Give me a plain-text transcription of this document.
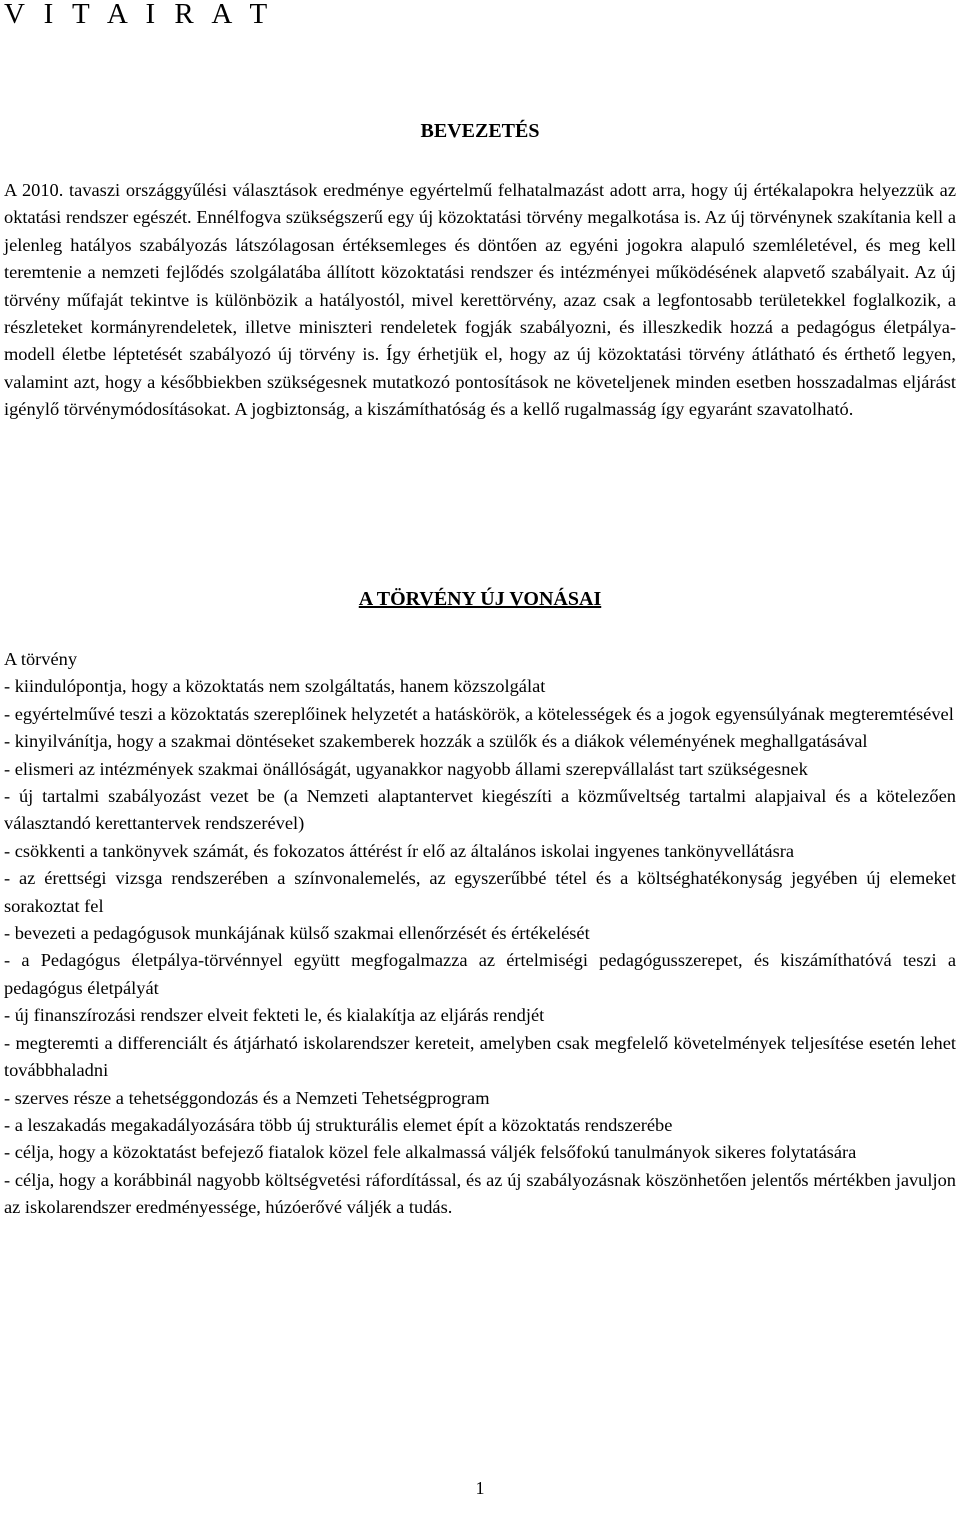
V I T A I R A T
BEVEZETÉS

A 2010. tavaszi országgyűlési választások eredménye egyértelmű felhatalmazást adott arra, hogy új értékalapokra helyezzük az oktatási rendszer egészét. Ennélfogva szükségszerű egy új közoktatási törvény megalkotása is. Az új törvénynek szakítania kell a jelenleg hatályos szabályozás látszólagosan értéksemleges és döntően az egyéni jogokra alapuló szemléletével, és meg kell teremtenie a nemzeti fejlődés szolgálatába állított közoktatási rendszer és intézményei működésének alapvető szabályait. Az új törvény műfaját tekintve is különbözik a hatályostól, mivel kerettörvény, azaz csak a legfontosabb területekkel foglalkozik, a részleteket kormányrendeletek, illetve miniszteri rendeletek fogják szabályozni, és illeszkedik hozzá a pedagógus életpálya-modell életbe léptetését szabályozó új törvény is. Így érhetjük el, hogy az új közoktatási törvény átlátható és érthető legyen, valamint azt, hogy a későbbiekben szükségesnek mutatkozó pontosítások ne követeljenek minden esetben hosszadalmas eljárást igénylő törvénymódosításokat. A jogbiztonság, a kiszámíthatóság és a kellő rugalmasság így egyaránt szavatolható.

A TÖRVÉNY ÚJ VONÁSAI

A törvény

- kiindulópontja, hogy a közoktatás nem szolgáltatás, hanem közszolgálat
- egyértelművé teszi a közoktatás szereplőinek helyzetét a hatáskörök, a kötelességek és a jogok egyensúlyának megteremtésével
- kinyilvánítja, hogy a szakmai döntéseket szakemberek hozzák a szülők és a diákok véleményének meghallgatásával
- elismeri az intézmények szakmai önállóságát, ugyanakkor nagyobb állami szerepvállalást tart szükségesnek
- új tartalmi szabályozást vezet be (a Nemzeti alaptantervet kiegészíti a közműveltség tartalmi alapjaival és a kötelezően választandó kerettantervek rendszerével)
- csökkenti a tankönyvek számát, és fokozatos áttérést ír elő az általános iskolai ingyenes tankönyvellátásra
- az érettségi vizsga rendszerében a színvonalemelés, az egyszerűbbé tétel és a költséghatékonyság jegyében új elemeket sorakoztat fel
- bevezeti a pedagógusok munkájának külső szakmai ellenőrzését és értékelését
- a Pedagógus életpálya-törvénnyel együtt megfogalmazza az értelmiségi pedagógusszerepet, és kiszámíthatóvá teszi a pedagógus életpályát
- új finanszírozási rendszer elveit fekteti le, és kialakítja az eljárás rendjét
- megteremti a differenciált és átjárható iskolarendszer kereteit, amelyben csak megfelelő követelmények teljesítése esetén lehet továbbhaladni
- szerves része a tehetséggondozás és a Nemzeti Tehetségprogram
- a leszakadás megakadályozására több új strukturális elemet épít a közoktatás rendszerébe
- célja, hogy a közoktatást befejező fiatalok közel fele alkalmassá váljék felsőfokú tanulmányok sikeres folytatására
- célja, hogy a korábbinál nagyobb költségvetési ráfordítással, és az új szabályozásnak köszönhetően jelentős mértékben javuljon az iskolarendszer eredményessége, húzóerővé váljék a tudás.

1
